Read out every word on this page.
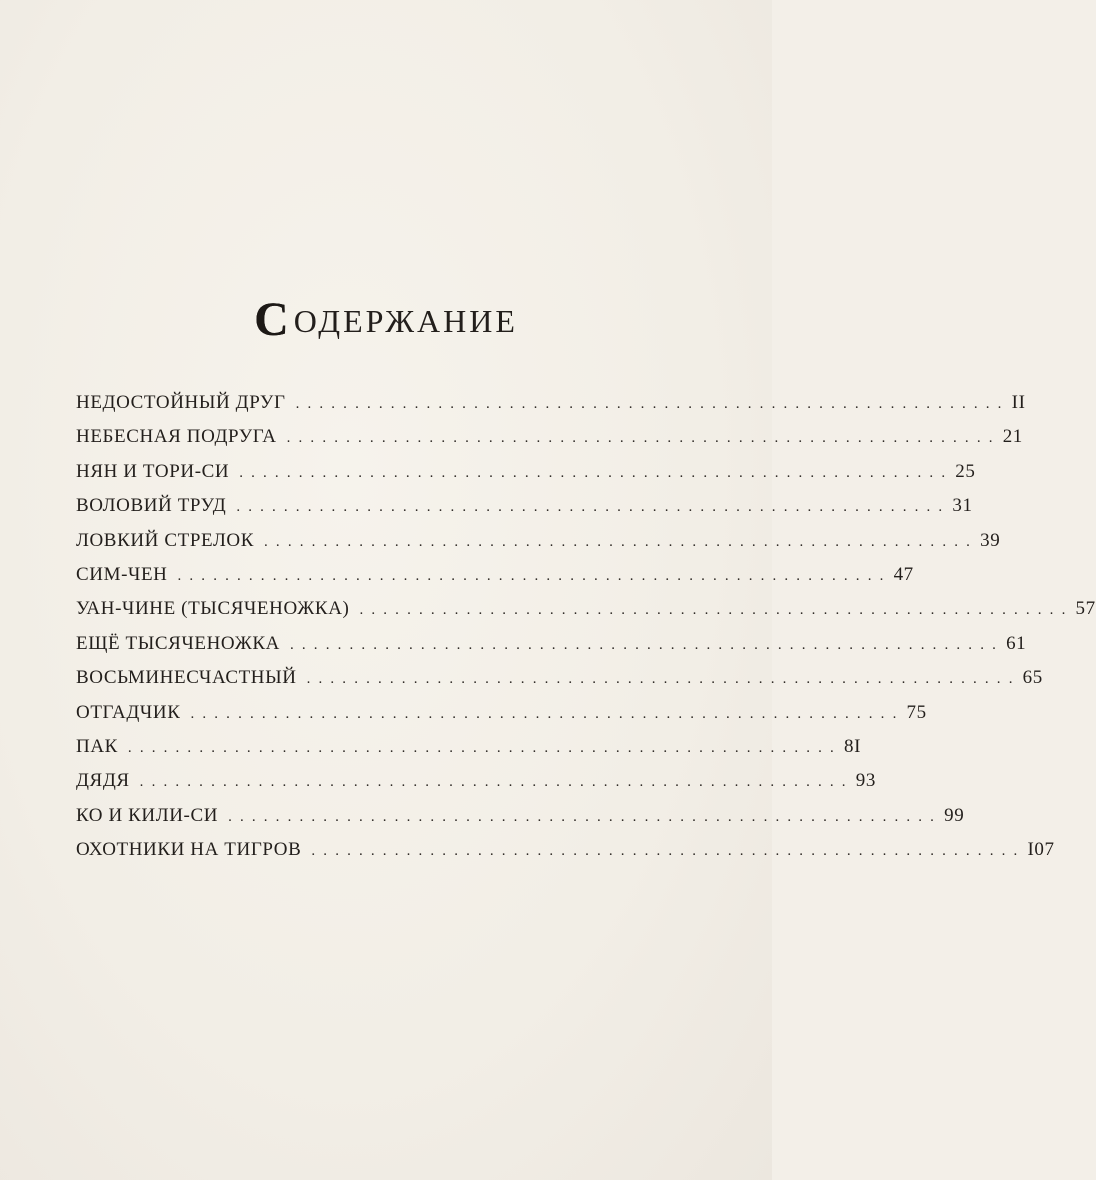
СОДЕРЖАНИЕ
НЕДОСТОЙНЫЙ ДРУГ . . . . . . . . . . . . . . . . . . . . . . . . . . . . . . . . . . . . . . . . . . . . . . . . . . . . . . . . . . . . II
НЕБЕСНАЯ ПОДРУГА . . . . . . . . . . . . . . . . . . . . . . . . . . . . . . . . . . . . . . . . . . . . . . . . . . . . . . . . . . . . 21
НЯН И ТОРИ-СИ . . . . . . . . . . . . . . . . . . . . . . . . . . . . . . . . . . . . . . . . . . . . . . . . . . . . . . . . . . . . 25
ВОЛОВИЙ ТРУД . . . . . . . . . . . . . . . . . . . . . . . . . . . . . . . . . . . . . . . . . . . . . . . . . . . . . . . . . . . . 31
ЛОВКИЙ СТРЕЛОК . . . . . . . . . . . . . . . . . . . . . . . . . . . . . . . . . . . . . . . . . . . . . . . . . . . . . . . . . . . . 39
СИМ-ЧЕН . . . . . . . . . . . . . . . . . . . . . . . . . . . . . . . . . . . . . . . . . . . . . . . . . . . . . . . . . . . . 47
УАН-ЧИНЕ (ТЫСЯЧЕНОЖКА) . . . . . . . . . . . . . . . . . . . . . . . . . . . . . . . . . . . . . . . . . . . . . . . . . . . . . . . . . . . . 57
ЕЩЁ ТЫСЯЧЕНОЖКА . . . . . . . . . . . . . . . . . . . . . . . . . . . . . . . . . . . . . . . . . . . . . . . . . . . . . . . . . . . . 61
ВОСЬМИНЕСЧАСТНЫЙ . . . . . . . . . . . . . . . . . . . . . . . . . . . . . . . . . . . . . . . . . . . . . . . . . . . . . . . . . . . . 65
ОТГАДЧИК . . . . . . . . . . . . . . . . . . . . . . . . . . . . . . . . . . . . . . . . . . . . . . . . . . . . . . . . . . . . 75
ПАК . . . . . . . . . . . . . . . . . . . . . . . . . . . . . . . . . . . . . . . . . . . . . . . . . . . . . . . . . . . . 8I
ДЯДЯ . . . . . . . . . . . . . . . . . . . . . . . . . . . . . . . . . . . . . . . . . . . . . . . . . . . . . . . . . . . . 93
КО И КИЛИ-СИ . . . . . . . . . . . . . . . . . . . . . . . . . . . . . . . . . . . . . . . . . . . . . . . . . . . . . . . . . . . . 99
ОХОТНИКИ НА ТИГРОВ . . . . . . . . . . . . . . . . . . . . . . . . . . . . . . . . . . . . . . . . . . . . . . . . . . . . . . . . . . . . I07
